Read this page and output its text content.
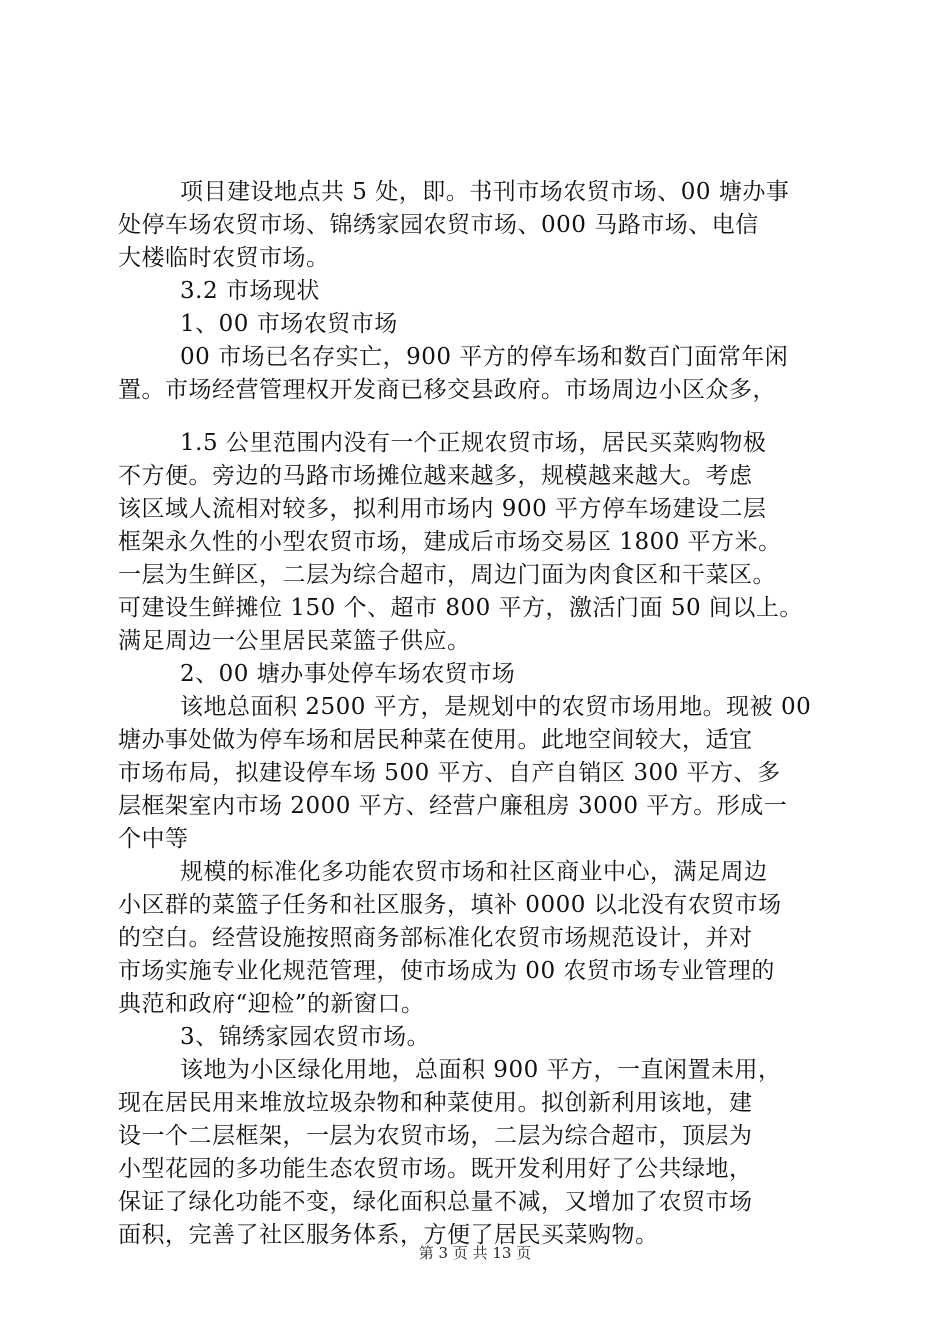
项目建设地点共 5 处，即。书刊市场农贸市场、00 塘办事
处停车场农贸市场、锦绣家园农贸市场、000 马路市场、电信
大楼临时农贸市场。
3.2 市场现状
1、00 市场农贸市场
00 市场已名存实亡，900 平方的停车场和数百门面常年闲
置。市场经营管理权开发商已移交县政府。市场周边小区众多，
1.5 公里范围内没有一个正规农贸市场，居民买菜购物极
不方便。旁边的马路市场摊位越来越多，规模越来越大。考虑
该区域人流相对较多，拟利用市场内 900 平方停车场建设二层
框架永久性的小型农贸市场，建成后市场交易区 1800 平方米。
一层为生鲜区，二层为综合超市，周边门面为肉食区和干菜区。
可建设生鲜摊位 150 个、超市 800 平方，激活门面 50 间以上。
满足周边一公里居民菜篮子供应。
2、00 塘办事处停车场农贸市场
该地总面积 2500 平方，是规划中的农贸市场用地。现被 00
塘办事处做为停车场和居民种菜在使用。此地空间较大，适宜
市场布局，拟建设停车场 500 平方、自产自销区 300 平方、多
层框架室内市场 2000 平方、经营户廉租房 3000 平方。形成一
个中等
规模的标准化多功能农贸市场和社区商业中心，满足周边
小区群的菜篮子任务和社区服务，填补 0000 以北没有农贸市场
的空白。经营设施按照商务部标准化农贸市场规范设计，并对
市场实施专业化规范管理，使市场成为 00 农贸市场专业管理的
典范和政府“迎检”的新窗口。
3、锦绣家园农贸市场。
该地为小区绿化用地，总面积 900 平方，一直闲置未用，
现在居民用来堆放垃圾杂物和种菜使用。拟创新利用该地，建
设一个二层框架，一层为农贸市场，二层为综合超市，顶层为
小型花园的多功能生态农贸市场。既开发利用好了公共绿地，
保证了绿化功能不变，绿化面积总量不减，又增加了农贸市场
面积，完善了社区服务体系，方便了居民买菜购物。
第 3 页 共 13 页
